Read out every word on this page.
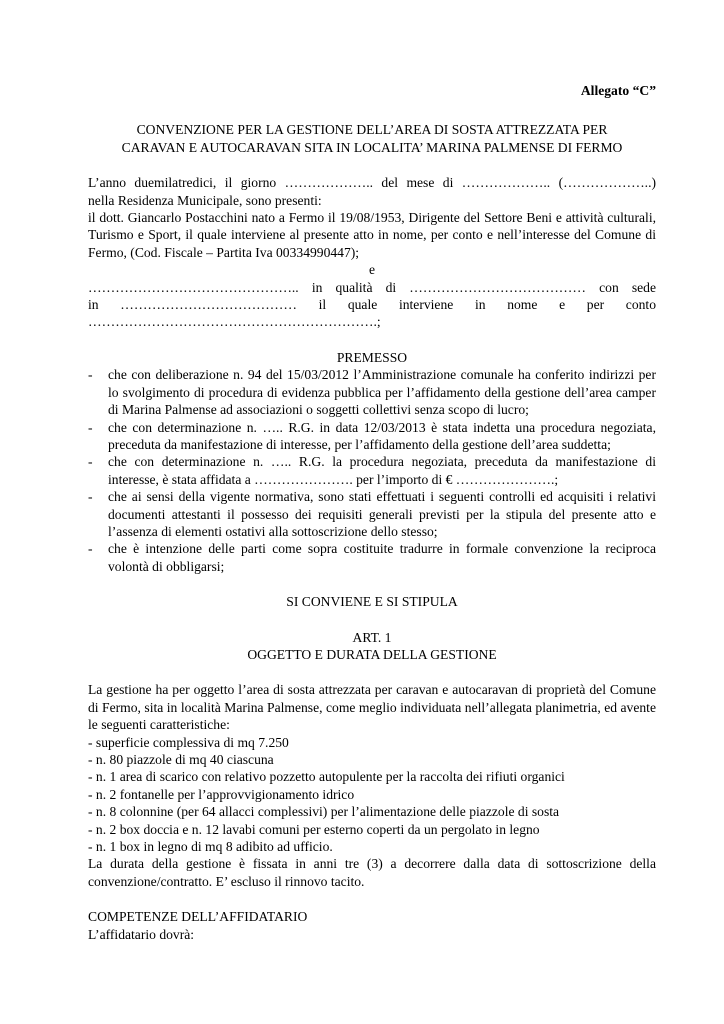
Allegato “C”
CONVENZIONE PER LA GESTIONE DELL’AREA DI SOSTA ATTREZZATA PER
CARAVAN E AUTOCARAVAN SITA IN LOCALITA’ MARINA PALMENSE DI FERMO
L’anno duemilatredici, il giorno ……………….. del mese di ……………….. (………………..)
nella Residenza Municipale, sono presenti:
il dott. Giancarlo Postacchini nato a Fermo il 19/08/1953, Dirigente del Settore Beni e attività culturali, Turismo e Sport, il quale interviene al presente atto in nome, per conto e nell’interesse del Comune di Fermo, (Cod. Fiscale – Partita Iva 00334990447);
e
……………………………………….. in qualità di ………………………………… con sede
in ………………………………… il quale interviene in nome e per conto
……………………………………………………….;
PREMESSO
- che con deliberazione n. 94 del 15/03/2012 l’Amministrazione comunale ha conferito indirizzi per lo svolgimento di procedura di evidenza pubblica per l’affidamento della gestione dell’area camper di Marina Palmense ad associazioni o soggetti collettivi senza scopo di lucro;
- che con determinazione n. ….. R.G. in data 12/03/2013 è stata indetta una procedura negoziata, preceduta da manifestazione di interesse, per l’affidamento della gestione dell’area suddetta;
- che con determinazione n. ….. R.G. la procedura negoziata, preceduta da manifestazione di interesse, è stata affidata a …………………. per l’importo di € ………………….;
- che ai sensi della vigente normativa, sono stati effettuati i seguenti controlli ed acquisiti i relativi documenti attestanti il possesso dei requisiti generali previsti per la stipula del presente atto e l’assenza di elementi ostativi alla sottoscrizione dello stesso;
- che è intenzione delle parti come sopra costituite tradurre in formale convenzione la reciproca volontà di obbligarsi;
SI CONVIENE E SI STIPULA
ART. 1
OGGETTO E DURATA DELLA GESTIONE
La gestione ha per oggetto l’area di sosta attrezzata per caravan e autocaravan di proprietà del Comune di Fermo, sita in località Marina Palmense, come meglio individuata nell’allegata planimetria, ed avente le seguenti caratteristiche:
- superficie complessiva di mq 7.250
- n. 80 piazzole di mq 40 ciascuna
- n. 1 area di scarico con relativo pozzetto autopulente per la raccolta dei rifiuti organici
- n. 2 fontanelle per l’approvvigionamento idrico
- n. 8 colonnine (per 64 allacci complessivi) per l’alimentazione delle piazzole di sosta
- n. 2 box doccia e n. 12 lavabi comuni per esterno coperti da un pergolato in legno
- n. 1 box in legno di mq 8 adibito ad ufficio.
La durata della gestione è fissata in anni tre (3) a decorrere dalla data di sottoscrizione della convenzione/contratto. E’ escluso il rinnovo tacito.
COMPETENZE DELL’AFFIDATARIO
L’affidatario dovrà:
